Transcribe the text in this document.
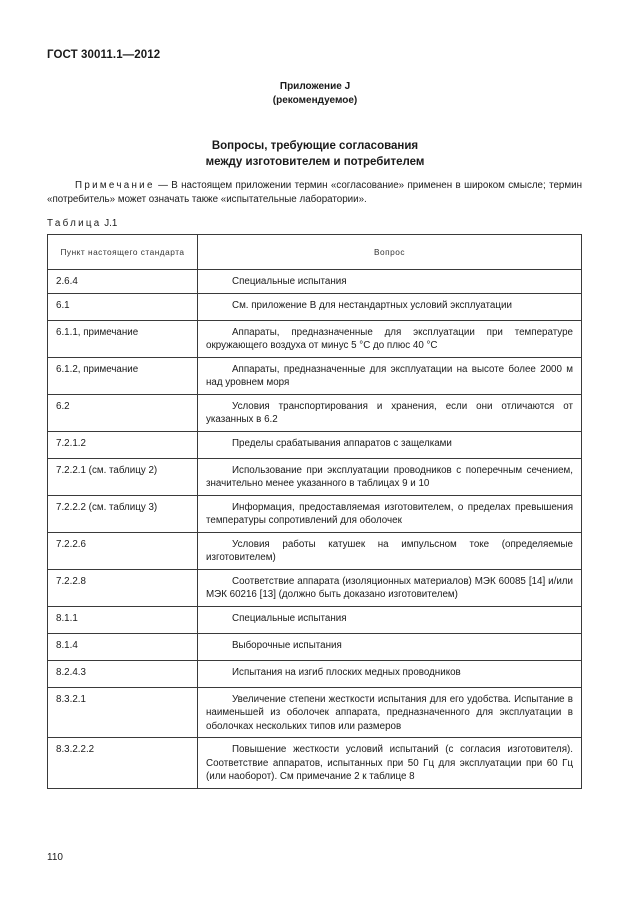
ГОСТ 30011.1—2012
Приложение J
(рекомендуемое)
Вопросы, требующие согласования
между изготовителем и потребителем
Примечание — В настоящем приложении термин «согласование» применен в широком смысле; термин «потребитель» может означать также «испытательные лаборатории».
Таблица J.1
Пункт настоящего стандарта	Вопрос
2.6.4	Специальные испытания
6.1	См. приложение В для нестандартных условий эксплуатации
6.1.1, примечание	Аппараты, предназначенные для эксплуатации при температуре окружающего воздуха от минус 5 °С до плюс 40 °С
6.1.2, примечание	Аппараты, предназначенные для эксплуатации на высоте более 2000 м над уровнем моря
6.2	Условия транспортирования и хранения, если они отличаются от указанных в 6.2
7.2.1.2	Пределы срабатывания аппаратов с защелками
7.2.2.1 (см. таблицу 2)	Использование при эксплуатации проводников с поперечным сечением, значительно менее указанного в таблицах 9 и 10
7.2.2.2 (см. таблицу 3)	Информация, предоставляемая изготовителем, о пределах превышения температуры сопротивлений для оболочек
7.2.2.6	Условия работы катушек на импульсном токе (определяемые изготовителем)
7.2.2.8	Соответствие аппарата (изоляционных материалов) МЭК 60085 [14] и/или МЭК 60216 [13] (должно быть доказано изготовителем)
8.1.1	Специальные испытания
8.1.4	Выборочные испытания
8.2.4.3	Испытания на изгиб плоских медных проводников
8.3.2.1	Увеличение степени жесткости испытания для его удобства. Испытание в наименьшей из оболочек аппарата, предназначенного для эксплуатации в оболочках нескольких типов или размеров
8.3.2.2.2	Повышение жесткости условий испытаний (с согласия изготовителя). Соответствие аппаратов, испытанных при 50 Гц для эксплуатации при 60 Гц (или наоборот). См примечание 2 к таблице 8
110
